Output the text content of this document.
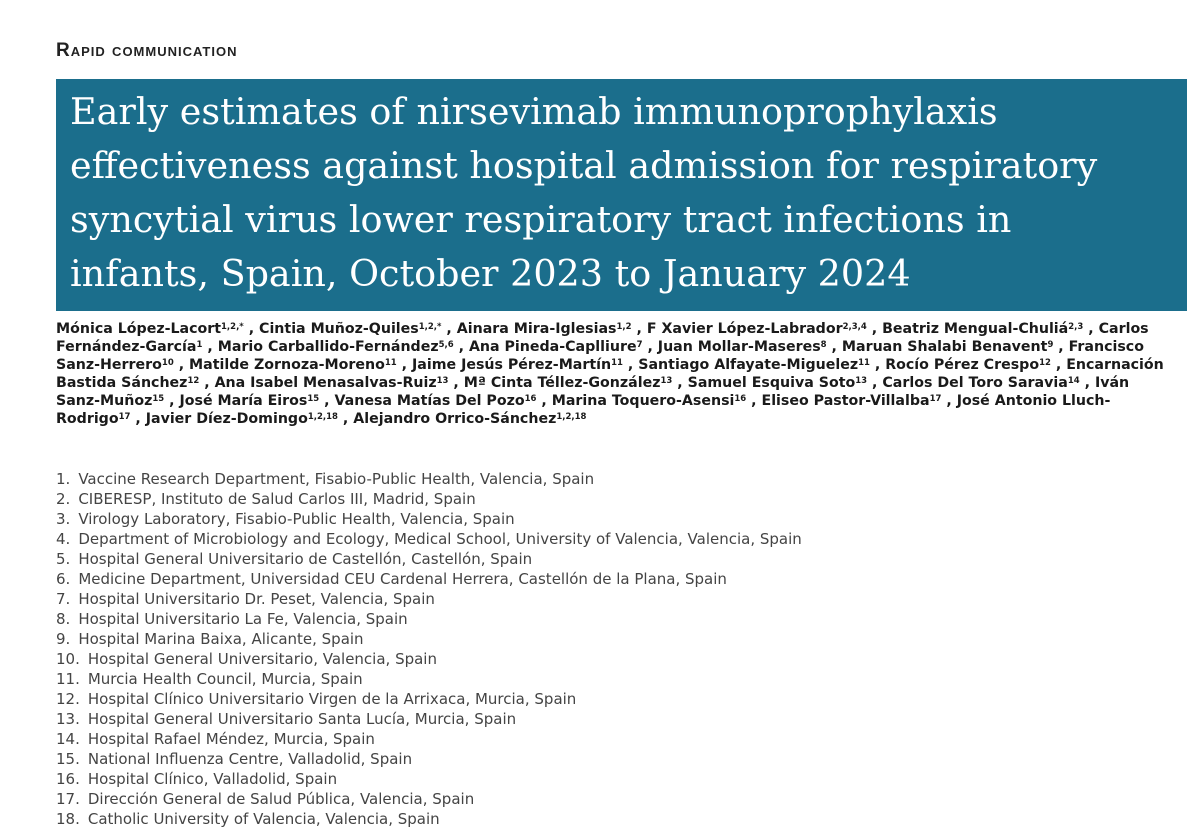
Rapid communication
Early estimates of nirsevimab immunoprophylaxis
effectiveness against hospital admission for respiratory
syncytial virus lower respiratory tract infections in
infants, Spain, October 2023 to January 2024
Mónica López-Lacort$^{1,2,*}$ , Cintia Muñoz-Quiles$^{1,2,*}$ , Ainara Mira-Iglesias$^{1,2}$ , F Xavier López-Labrador$^{2,3,4}$ , Beatriz Mengual-Chuliá$^{2,3}$ , Carlos Fernández-García$^1$ , Mario Carballido-Fernández$^{5,6}$ , Ana Pineda-Caplliure$^7$ , Juan Mollar-Maseres$^8$ , Maruan Shalabi Benavent$^9$ , Francisco Sanz-Herrero$^{10}$ , Matilde Zornoza-Moreno$^{11}$ , Jaime Jesús Pérez-Martín$^{11}$ , Santiago Alfayate-Miguelez$^{11}$ , Rocío Pérez Crespo$^{12}$ , Encarnación Bastida Sánchez$^{12}$ , Ana Isabel Menasalvas-Ruiz$^{13}$ , Mª Cinta Téllez-González$^{13}$ , Samuel Esquiva Soto$^{13}$ , Carlos Del Toro Saravia$^{14}$ , Iván Sanz-Muñoz$^{15}$ , José María Eiros$^{15}$ , Vanesa Matías Del Pozo$^{16}$ , Marina Toquero-Asensi$^{16}$ , Eliseo Pastor-Villalba$^{17}$ , José Antonio Lluch-Rodrigo$^{17}$ , Javier Díez-Domingo$^{1,2,18}$ , Alejandro Orrico-Sánchez$^{1,2,18}$
1. Vaccine Research Department, Fisabio-Public Health, Valencia, Spain
2. CIBERESP, Instituto de Salud Carlos III, Madrid, Spain
3. Virology Laboratory, Fisabio-Public Health, Valencia, Spain
4. Department of Microbiology and Ecology, Medical School, University of Valencia, Valencia, Spain
5. Hospital General Universitario de Castellón, Castellón, Spain
6. Medicine Department, Universidad CEU Cardenal Herrera, Castellón de la Plana, Spain
7. Hospital Universitario Dr. Peset, Valencia, Spain
8. Hospital Universitario La Fe, Valencia, Spain
9. Hospital Marina Baixa, Alicante, Spain
10. Hospital General Universitario, Valencia, Spain
11. Murcia Health Council, Murcia, Spain
12. Hospital Clínico Universitario Virgen de la Arrixaca, Murcia, Spain
13. Hospital General Universitario Santa Lucía, Murcia, Spain
14. Hospital Rafael Méndez, Murcia, Spain
15. National Influenza Centre, Valladolid, Spain
16. Hospital Clínico, Valladolid, Spain
17. Dirección General de Salud Pública, Valencia, Spain
18. Catholic University of Valencia, Valencia, Spain
